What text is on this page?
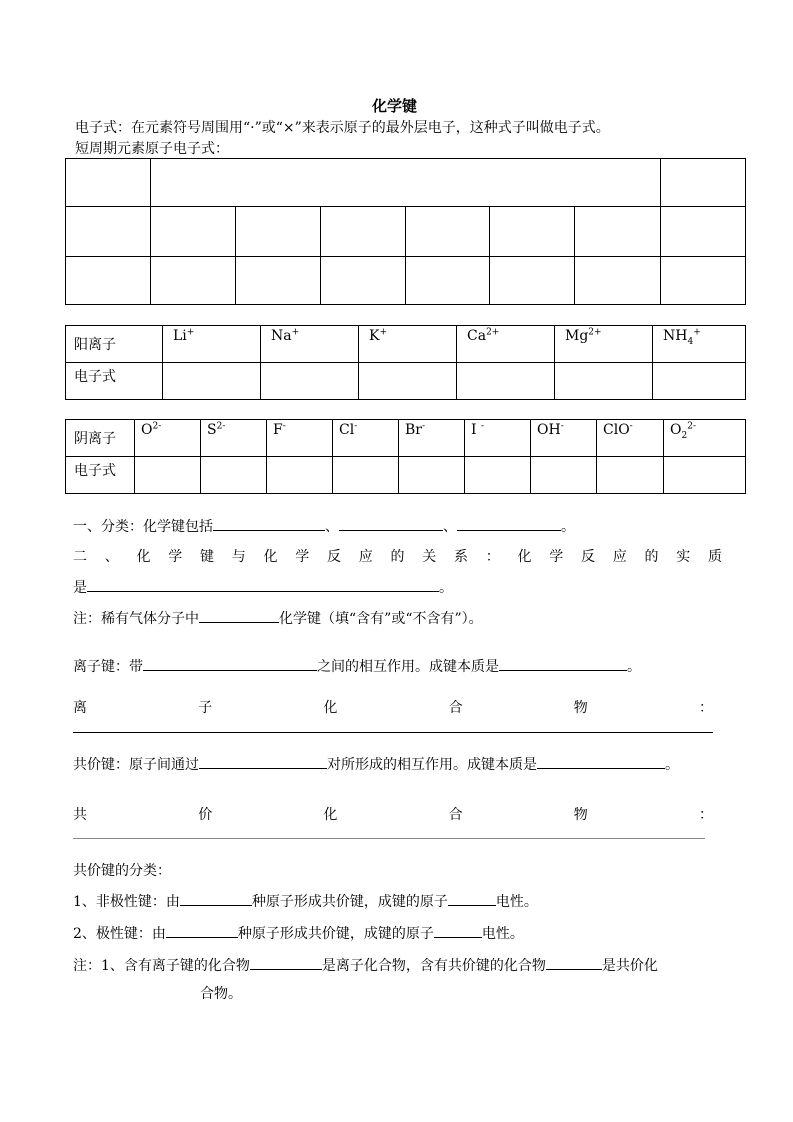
化学键
电子式：在元素符号周围用“·”或“×”来表示原子的最外层电子，这种式子叫做电子式。
短周期元素原子电子式：

阳离子	Li+	Na+	K+	$Ca^{2+}$	$Mg^{2+}$	$NH_4^+$
电子式						
阴离子	$O^{2-}$	$S^{2-}$	F-	Cl-	Br-	I -	OH-	ClO-	$O_2^{2-}$
电子式									
一、分类：化学键包括	、	、	。
二 、 化 学 键 与 化 学 反 应 的 关 系 ： 化 学 反 应 的 实 质
是	。
注：稀有气体分子中	化学键（填“含有”或“不含有”）。
离子键：带	之间的相互作用。成键本质是	。
离	子	化	合	物	：
共价键：原子间通过	对所形成的相互作用。成键本质是	。
共	价	化	合	物	：
共价键的分类：
1、非极性键：由	种原子形成共价键，成键的原子	电性。
2、极性键：由	种原子形成共价键，成键的原子	电性。
注：1、含有离子键的化合物	是离子化合物，含有共价键的化合物	是共价化
合物。
